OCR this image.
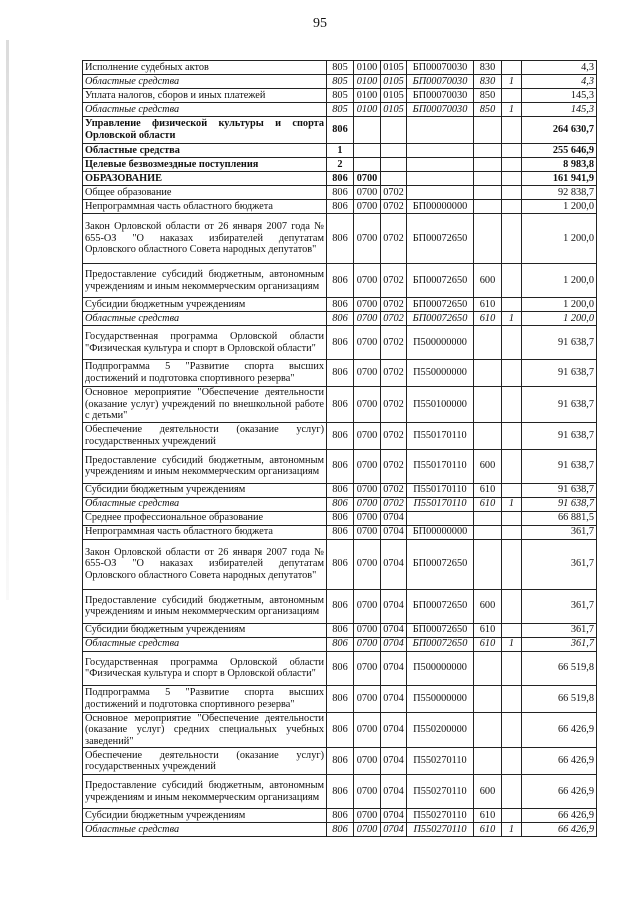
95
Исполнение судебных актов	805	0100	0105	БП00070030	830		4,3
Областные средства	805	0100	0105	БП00070030	830	1	4,3
Уплата налогов, сборов и иных платежей	805	0100	0105	БП00070030	850		145,3
Областные средства	805	0100	0105	БП00070030	850	1	145,3
Управление физической культуры и спорта Орловской области	806						264 630,7
Областные средства	1						255 646,9
Целевые безвозмездные поступления	2						8 983,8
ОБРАЗОВАНИЕ	806	0700					161 941,9
Общее образование	806	0700	0702				92 838,7
Непрограммная часть областного бюджета	806	0700	0702	БП00000000			1 200,0
Закон Орловской области от 26 января 2007 года № 655-ОЗ "О наказах избирателей депутатам Орловского областного Совета народных депутатов"	806	0700	0702	БП00072650			1 200,0
Предоставление субсидий бюджетным, автономным учреждениям и иным некоммерческим организациям	806	0700	0702	БП00072650	600		1 200,0
Субсидии бюджетным учреждениям	806	0700	0702	БП00072650	610		1 200,0
Областные средства	806	0700	0702	БП00072650	610	1	1 200,0
Государственная программа Орловской области "Физическая культура и спорт в Орловской области"	806	0700	0702	П500000000			91 638,7
Подпрограмма 5 "Развитие спорта высших достижений и подготовка спортивного резерва"	806	0700	0702	П550000000			91 638,7
Основное мероприятие "Обеспечение деятельности (оказание услуг) учреждений по внешкольной работе с детьми"	806	0700	0702	П550100000			91 638,7
Обеспечение деятельности (оказание услуг) государственных учреждений	806	0700	0702	П550170110			91 638,7
Предоставление субсидий бюджетным, автономным учреждениям и иным некоммерческим организациям	806	0700	0702	П550170110	600		91 638,7
Субсидии бюджетным учреждениям	806	0700	0702	П550170110	610		91 638,7
Областные средства	806	0700	0702	П550170110	610	1	91 638,7
Среднее профессиональное образование	806	0700	0704				66 881,5
Непрограммная часть областного бюджета	806	0700	0704	БП00000000			361,7
Закон Орловской области от 26 января 2007 года № 655-ОЗ "О наказах избирателей депутатам Орловского областного Совета народных депутатов"	806	0700	0704	БП00072650			361,7
Предоставление субсидий бюджетным, автономным учреждениям и иным некоммерческим организациям	806	0700	0704	БП00072650	600		361,7
Субсидии бюджетным учреждениям	806	0700	0704	БП00072650	610		361,7
Областные средства	806	0700	0704	БП00072650	610	1	361,7
Государственная программа Орловской области "Физическая культура и спорт в Орловской области"	806	0700	0704	П500000000			66 519,8
Подпрограмма 5 "Развитие спорта высших достижений и подготовка спортивного резерва"	806	0700	0704	П550000000			66 519,8
Основное мероприятие "Обеспечение деятельности (оказание услуг) средних специальных учебных заведений"	806	0700	0704	П550200000			66 426,9
Обеспечение деятельности (оказание услуг) государственных учреждений	806	0700	0704	П550270110			66 426,9
Предоставление субсидий бюджетным, автономным учреждениям и иным некоммерческим организациям	806	0700	0704	П550270110	600		66 426,9
Субсидии бюджетным учреждениям	806	0700	0704	П550270110	610		66 426,9
Областные средства	806	0700	0704	П550270110	610	1	66 426,9
